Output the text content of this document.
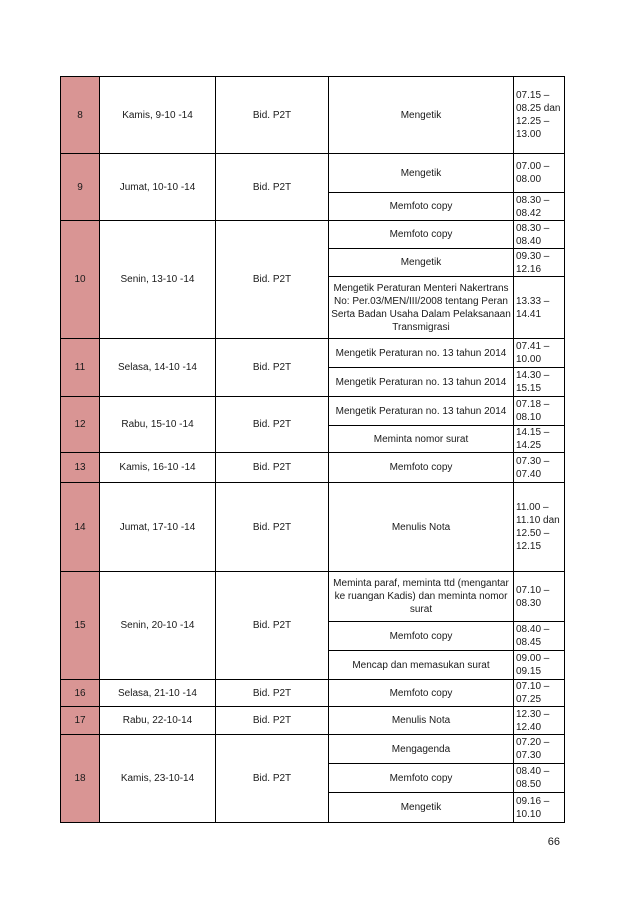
8	Kamis, 9-10 -14	Bid. P2T	Mengetik	07.15 – 08.25 dan 12.25 – 13.00
9	Jumat, 10-10 -14	Bid. P2T	Mengetik	07.00 – 08.00
			Memfoto copy	08.30 – 08.42
10	Senin, 13-10 -14	Bid. P2T	Memfoto copy	08.30 – 08.40
			Mengetik	09.30 – 12.16
			Mengetik Peraturan Menteri Nakertrans No: Per.03/MEN/III/2008 tentang Peran Serta Badan Usaha Dalam Pelaksanaan Transmigrasi	13.33 – 14.41
11	Selasa, 14-10 -14	Bid. P2T	Mengetik Peraturan no. 13 tahun 2014	07.41 – 10.00
			Mengetik Peraturan no. 13 tahun 2014	14.30 – 15.15
12	Rabu, 15-10 -14	Bid. P2T	Mengetik Peraturan no. 13 tahun 2014	07.18 – 08.10
			Meminta nomor surat	14.15 – 14.25
13	Kamis, 16-10 -14	Bid. P2T	Memfoto copy	07.30 – 07.40
14	Jumat, 17-10 -14	Bid. P2T	Menulis Nota	11.00 – 11.10 dan 12.50 – 12.15
15	Senin, 20-10 -14	Bid. P2T	Meminta paraf, meminta ttd (mengantar ke ruangan Kadis) dan meminta nomor surat	07.10 – 08.30
			Memfoto copy	08.40 – 08.45
			Mencap dan memasukan surat	09.00 – 09.15
16	Selasa, 21-10 -14	Bid. P2T	Memfoto copy	07.10 – 07.25
17	Rabu, 22-10-14	Bid. P2T	Menulis Nota	12.30 – 12.40
18	Kamis, 23-10-14	Bid. P2T	Mengagenda	07.20 – 07.30
			Memfoto copy	08.40 – 08.50
			Mengetik	09.16 – 10.10
66
